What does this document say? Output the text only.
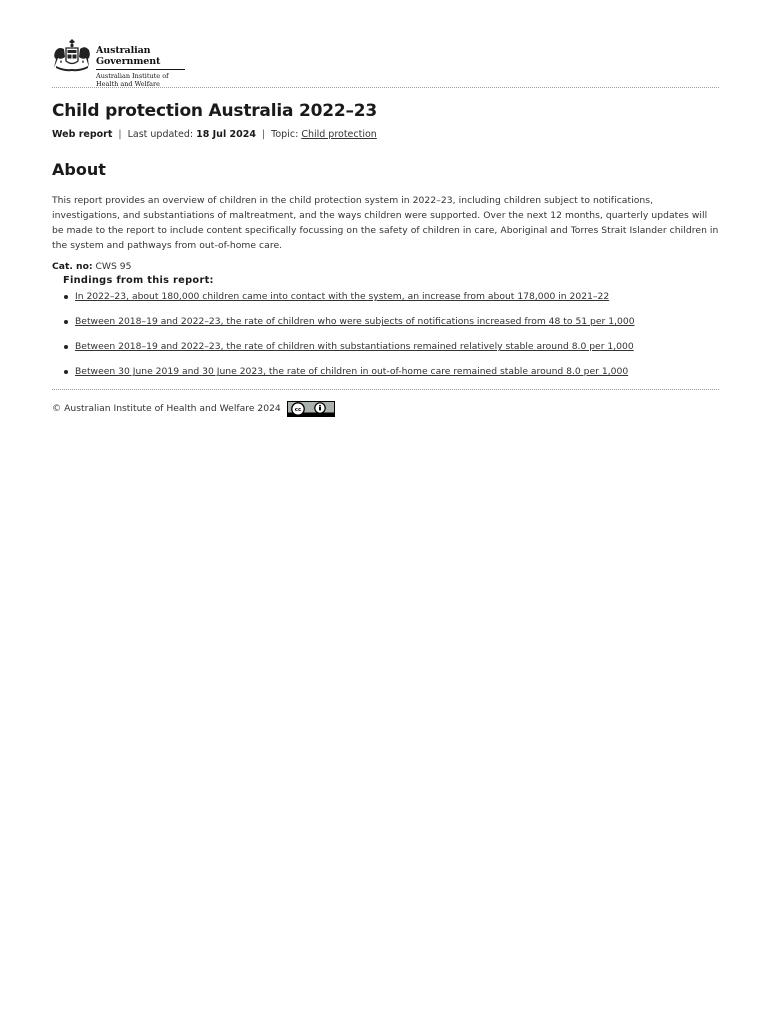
Australian Government
Australian Institute of
Health and Welfare
Child protection Australia 2022–23
Web report | Last updated: 18 Jul 2024 | Topic: Child protection
About

This report provides an overview of children in the child protection system in 2022–23, including children subject to notifications, investigations, and substantiations of maltreatment, and the ways children were supported. Over the next 12 months, quarterly updates will be made to the report to include content specifically focussing on the safety of children in care, Aboriginal and Torres Strait Islander children in the system and pathways from out-of-home care.

Cat. no: CWS 95
Findings from this report:
In 2022–23, about 180,000 children came into contact with the system, an increase from about 178,000 in 2021–22
Between 2018–19 and 2022–23, the rate of children who were subjects of notifications increased from 48 to 51 per 1,000
Between 2018–19 and 2022–23, the rate of children with substantiations remained relatively stable around 8.0 per 1,000
Between 30 June 2019 and 30 June 2023, the rate of children in out-of-home care remained stable around 8.0 per 1,000
© Australian Institute of Health and Welfare 2024 cc
